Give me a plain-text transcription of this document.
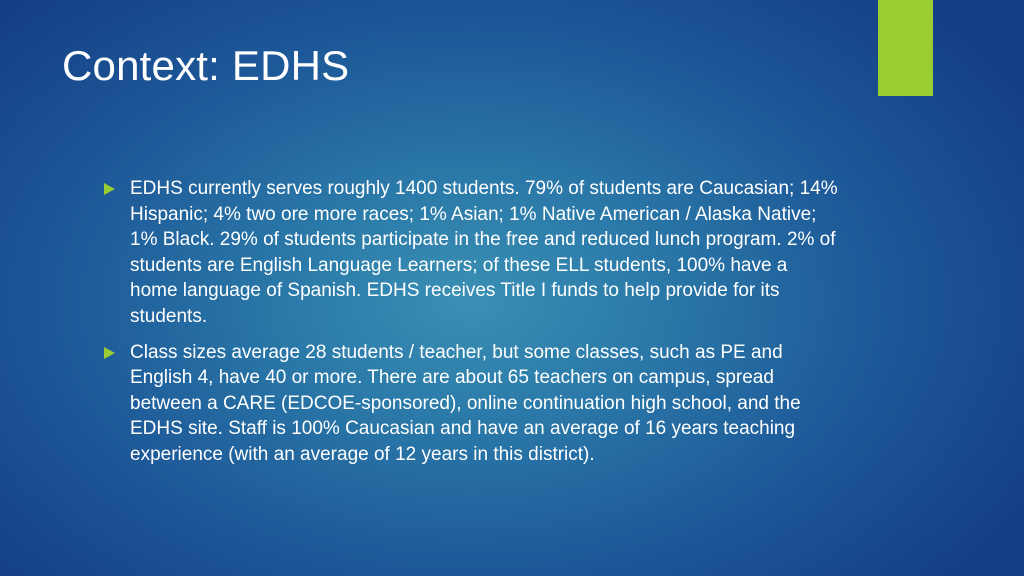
Context: EDHS
EDHS currently serves roughly 1400 students. 79% of students are Caucasian; 14% Hispanic; 4% two ore more races; 1% Asian; 1% Native American / Alaska Native; 1% Black. 29% of students participate in the free and reduced lunch program. 2% of students are English Language Learners; of these ELL students, 100% have a home language of Spanish. EDHS receives Title I funds to help provide for its students.
Class sizes average 28 students / teacher, but some classes, such as PE and English 4, have 40 or more. There are about 65 teachers on campus, spread between a CARE (EDCOE-sponsored), online continuation high school, and the EDHS site. Staff is 100% Caucasian and have an average of 16 years teaching experience (with an average of 12 years in this district).
